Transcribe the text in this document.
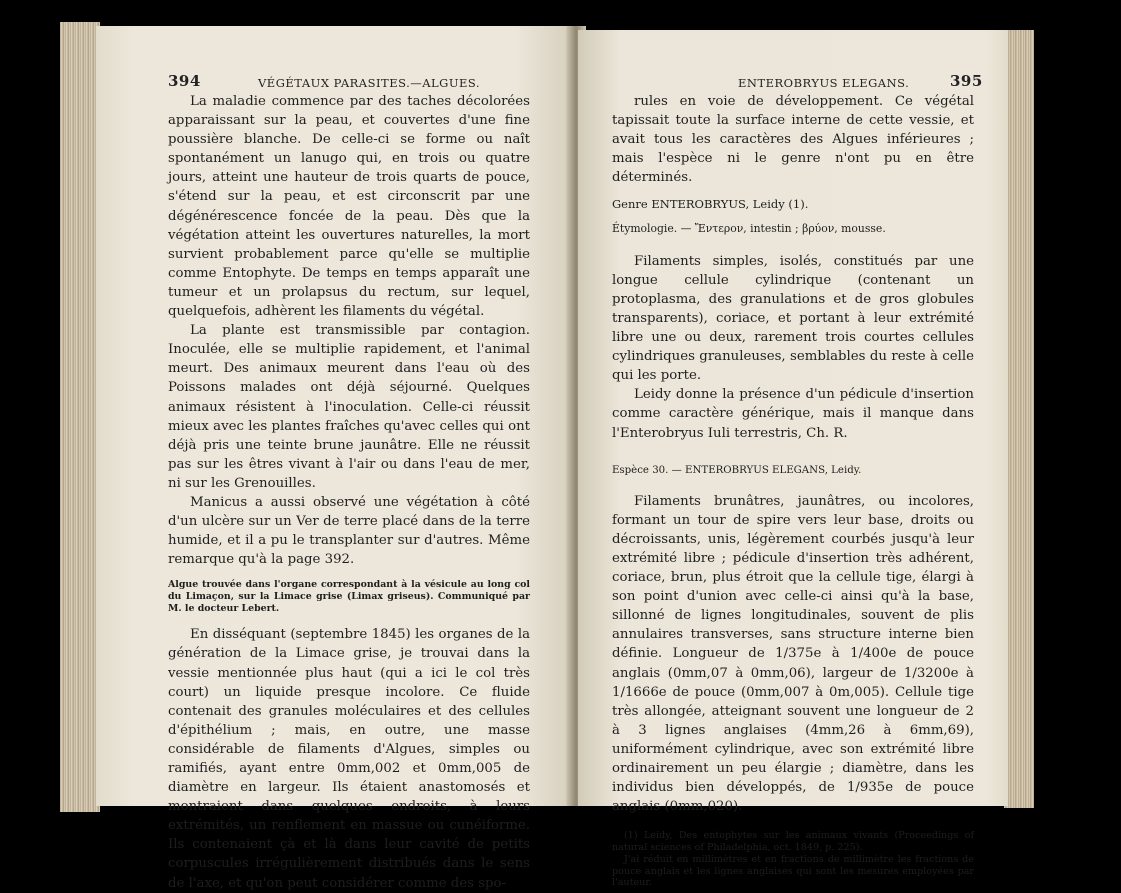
394	VÉGÉTAUX PARASITES.—ALGUES.

La maladie commence par des taches décolorées apparaissant sur la peau, et couvertes d'une fine poussière blanche. De celle-ci se forme ou naît spontanément un lanugo qui, en trois ou quatre jours, atteint une hauteur de trois quarts de pouce, s'étend sur la peau, et est circonscrit par une dégénérescence foncée de la peau. Dès que la végétation atteint les ouvertures naturelles, la mort survient probablement parce qu'elle se multiplie comme Entophyte. De temps en temps apparaît une tumeur et un prolapsus du rectum, sur lequel, quelquefois, adhèrent les filaments du végétal.

La plante est transmissible par contagion. Inoculée, elle se multiplie rapidement, et l'animal meurt. Des animaux meurent dans l'eau où des Poissons malades ont déjà séjourné. Quelques animaux résistent à l'inoculation. Celle-ci réussit mieux avec les plantes fraîches qu'avec celles qui ont déjà pris une teinte brune jaunâtre. Elle ne réussit pas sur les êtres vivant à l'air ou dans l'eau de mer, ni sur les Grenouilles.

Manicus a aussi observé une végétation à côté d'un ulcère sur un Ver de terre placé dans de la terre humide, et il a pu le transplanter sur d'autres. Même remarque qu'à la page 392.

Algue trouvée dans l'organe correspondant à la vésicule au long col du Limaçon, sur la Limace grise (Limax griseus). Communiqué par M. le docteur Lebert.

En disséquant (septembre 1845) les organes de la génération de la Limace grise, je trouvai dans la vessie mentionnée plus haut (qui a ici le col très court) un liquide presque incolore. Ce fluide contenait des granules moléculaires et des cellules d'épithélium ; mais, en outre, une masse considérable de filaments d'Algues, simples ou ramifiés, ayant entre 0mm,002 et 0mm,005 de diamètre en largeur. Ils étaient anastomosés et montraient dans quelques endroits, à leurs extrémités, un renflement en massue ou cunéiforme. Ils contenaient çà et là dans leur cavité de petits corpuscules irrégulièrement distribués dans le sens de l'axe, et qu'on peut considérer comme des spo-

ENTEROBRYUS ELEGANS.	395

rules en voie de développement. Ce végétal tapissait toute la surface interne de cette vessie, et avait tous les caractères des Algues inférieures ; mais l'espèce ni le genre n'ont pu en être déterminés.

Genre ENTEROBRYUS, Leidy (1).

Étymologie. — Ἔντερον, intestin ; βρύον, mousse.

Filaments simples, isolés, constitués par une longue cellule cylindrique (contenant un protoplasma, des granulations et de gros globules transparents), coriace, et portant à leur extrémité libre une ou deux, rarement trois courtes cellules cylindriques granuleuses, semblables du reste à celle qui les porte.

Leidy donne la présence d'un pédicule d'insertion comme caractère générique, mais il manque dans l'Enterobryus Iuli terrestris, Ch. R.

Espèce 30. — ENTEROBRYUS ELEGANS, Leidy.

Filaments brunâtres, jaunâtres, ou incolores, formant un tour de spire vers leur base, droits ou décroissants, unis, légèrement courbés jusqu'à leur extrémité libre ; pédicule d'insertion très adhérent, coriace, brun, plus étroit que la cellule tige, élargi à son point d'union avec celle-ci ainsi qu'à la base, sillonné de lignes longitudinales, souvent de plis annulaires transverses, sans structure interne bien définie. Longueur de 1/375e à 1/400e de pouce anglais (0mm,07 à 0mm,06), largeur de 1/3200e à 1/1666e de pouce (0mm,007 à 0m,005). Cellule tige très allongée, atteignant souvent une longueur de 2 à 3 lignes anglaises (4mm,26 à 6mm,69), uniformément cylindrique, avec son extrémité libre ordinairement un peu élargie ; diamètre, dans les individus bien développés, de 1/935e de pouce anglais (0mm,020).

(1) Leidy, Des entophytes sur les animaux vivants (Proceedings of natural sciences of Philadelphia, oct. 1849, p. 225).

J'ai réduit en millimètres et en fractions de millimètre les fractions de pouce anglais et les lignes anglaises qui sont les mesures employées par l'auteur.
